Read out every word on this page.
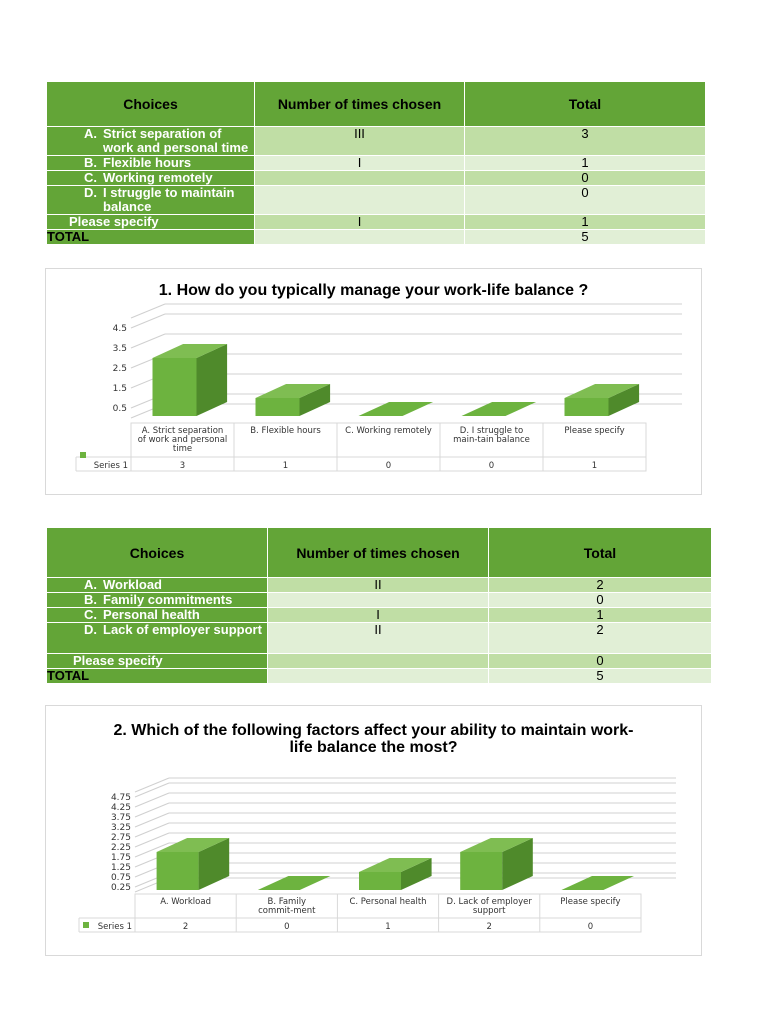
Choices	Number of times chosen	Total

A. Strict separation of work and personal time	III	3

B. Flexible hours	I	1

C. Working remotely		0

D. I struggle to maintain balance		0
Please specify	I	1
TOTAL		5
1. How do you typically manage your work-life balance ?
0.5
1.5
2.5
3.5
4.5
A. Strict separation of work and personal time
3
B. Flexible hours
1
C. Working remotely
0
D. I struggle to main-tain balance
0
Please specify
1
Series 1
Choices	Number of times chosen	Total

A. Workload	II	2

B. Family commitments		0

C. Personal health	I	1

D. Lack of employer support	II	2
Please specify		0
TOTAL		5
2. Which of the following factors affect your ability to maintain work-life balance the most?
0.25
0.75
1.25
1.75
2.25
2.75
3.25
3.75
4.25
4.75
A. Workload
2
B. Family commit-ment
0
C. Personal health
1
D. Lack of employer support
2
Please specify
0
Series 1
